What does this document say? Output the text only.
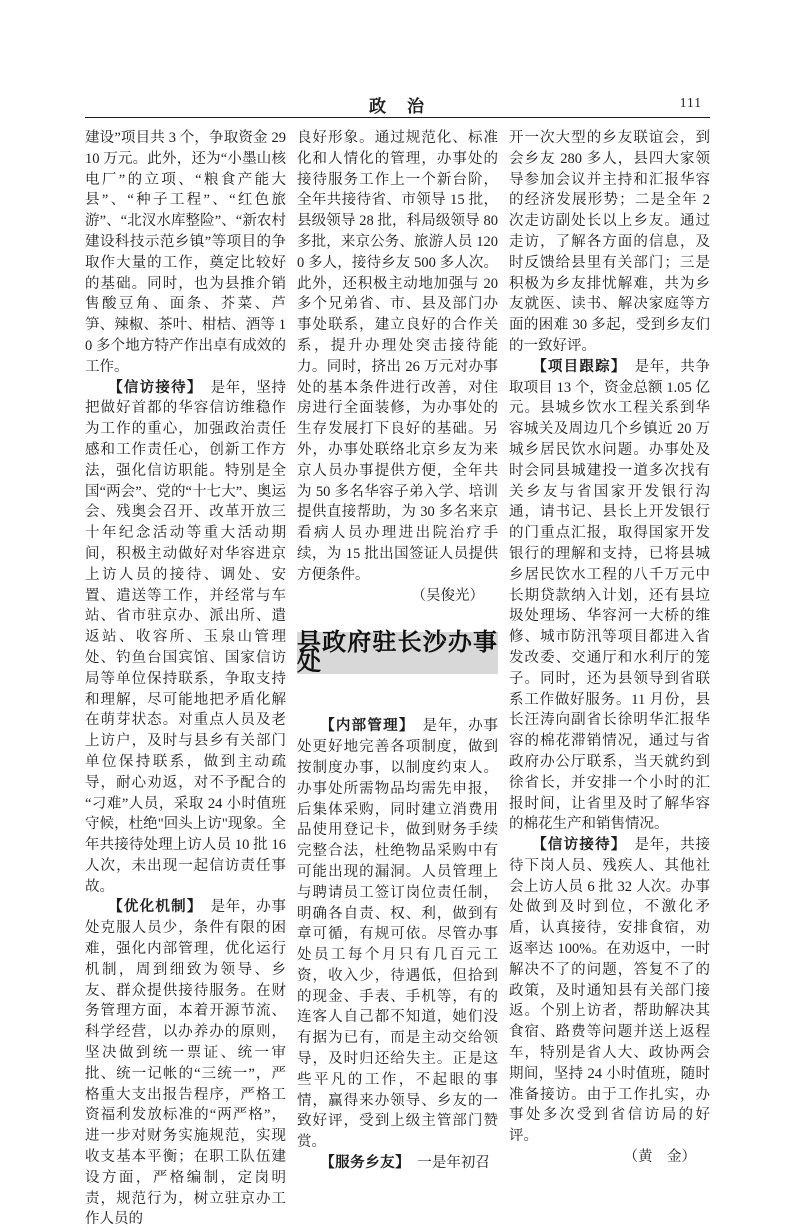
政　治	111

建设”项目共 3 个，争取资金 2910 万元。此外，还为“小墨山核电厂”的立项、“粮食产能大县”、“种子工程”、“红色旅游”、“北汊水库整险”、“新农村建设科技示范乡镇”等项目的争取作大量的工作，奠定比较好的基础。同时，也为县推介销售酸豆角、面条、芥菜、芦笋、辣椒、茶叶、柑桔、酒等 10 多个地方特产作出卓有成效的工作。

【信访接待】　是年，坚持把做好首都的华容信访维稳作为工作的重心，加强政治责任感和工作责任心，创新工作方法，强化信访职能。特别是全国“两会”、党的“十七大”、奥运会、残奥会召开、改革开放三十年纪念活动等重大活动期间，积极主动做好对华容进京上访人员的接待、调处、安置、遣送等工作，并经常与车站、省市驻京办、派出所、遣返站、收容所、玉泉山管理处、钓鱼台国宾馆、国家信访局等单位保持联系，争取支持和理解，尽可能地把矛盾化解在萌芽状态。对重点人员及老上访户，及时与县乡有关部门单位保持联系，做到主动疏导，耐心劝返，对不予配合的“刁难”人员，采取 24 小时值班守候，杜绝"回头上访"现象。全年共接待处理上访人员 10 批 16 人次，未出现一起信访责任事故。

【优化机制】　是年，办事处克服人员少，条件有限的困难，强化内部管理，优化运行机制，周到细致为领导、乡友、群众提供接待服务。在财务管理方面，本着开源节流、科学经营，以办养办的原则，坚决做到统一票证、统一审批、统一记帐的“三统一”，严格重大支出报告程序，严格工资福利发放标准的“两严格”，进一步对财务实施规范，实现收支基本平衡；在职工队伍建设方面，严格编制，定岗明责，规范行为，树立驻京办工作人员的

良好形象。通过规范化、标准化和人情化的管理，办事处的接待服务工作上一个新台阶，全年共接待省、市领导 15 批，县级领导 28 批，科局级领导 80 多批，来京公务、旅游人员 1200 多人，接待乡友 500 多人次。此外，还积极主动地加强与 20 多个兄弟省、市、县及部门办事处联系，建立良好的合作关系，提升办理处突击接待能力。同时，挤出 26 万元对办事处的基本条件进行改善，对住房进行全面装修，为办事处的生存发展打下良好的基础。另外，办事处联络北京乡友为来京人员办事提供方便，全年共为 50 多名华容子弟入学、培训提供直接帮助，为 30 多名来京看病人员办理进出院治疗手续，为 15 批出国签证人员提供方便条件。

（吴俊光）

县政府驻长沙办事处

【内部管理】　是年，办事处更好地完善各项制度，做到按制度办事，以制度约束人。办事处所需物品均需先申报，后集体采购，同时建立消费用品使用登记卡，做到财务手续完整合法，杜绝物品采购中有可能出现的漏洞。人员管理上与聘请员工签订岗位责任制，明确各自责、权、利，做到有章可循，有规可依。尽管办事处员工每个月只有几百元工资，收入少，待遇低，但拾到的现金、手表、手机等，有的连客人自己都不知道，她们没有据为已有，而是主动交给领导，及时归还给失主。正是这些平凡的工作，不起眼的事情，赢得来办领导、乡友的一致好评，受到上级主管部门赞赏。

【服务乡友】　一是年初召

开一次大型的乡友联谊会，到会乡友 280 多人，县四大家领导参加会议并主持和汇报华容的经济发展形势；二是全年 2 次走访副处长以上乡友。通过走访，了解各方面的信息，及时反馈给县里有关部门；三是积极为乡友排忧解难，共为乡友就医、读书、解决家庭等方面的困难 30 多起，受到乡友们的一致好评。

【项目跟踪】　是年，共争取项目 13 个，资金总额 1.05 亿元。县城乡饮水工程关系到华容城关及周边几个乡镇近 20 万城乡居民饮水问题。办事处及时会同县城建投一道多次找有关乡友与省国家开发银行沟通，请书记、县长上开发银行的门重点汇报，取得国家开发银行的理解和支持，已将县城乡居民饮水工程的八千万元中长期贷款纳入计划，还有县垃圾处理场、华容河一大桥的维修、城市防汛等项目都进入省发改委、交通厅和水利厅的笼子。同时，还为县领导到省联系工作做好服务。11 月份，县长汪涛向副省长徐明华汇报华容的棉花滞销情况，通过与省政府办公厅联系，当天就约到徐省长，并安排一个小时的汇报时间，让省里及时了解华容的棉花生产和销售情况。

【信访接待】　是年，共接待下岗人员、残疾人、其他社会上访人员 6 批 32 人次。办事处做到及时到位，不激化矛盾，认真接待，安排食宿，劝返率达 100%。在劝返中，一时解决不了的问题，答复不了的政策，及时通知县有关部门接返。个别上访者，帮助解决其食宿、路费等问题并送上返程车，特别是省人大、政协两会期间，坚持 24 小时值班，随时准备接访。由于工作扎实，办事处多次受到省信访局的好评。

（黄　金）
